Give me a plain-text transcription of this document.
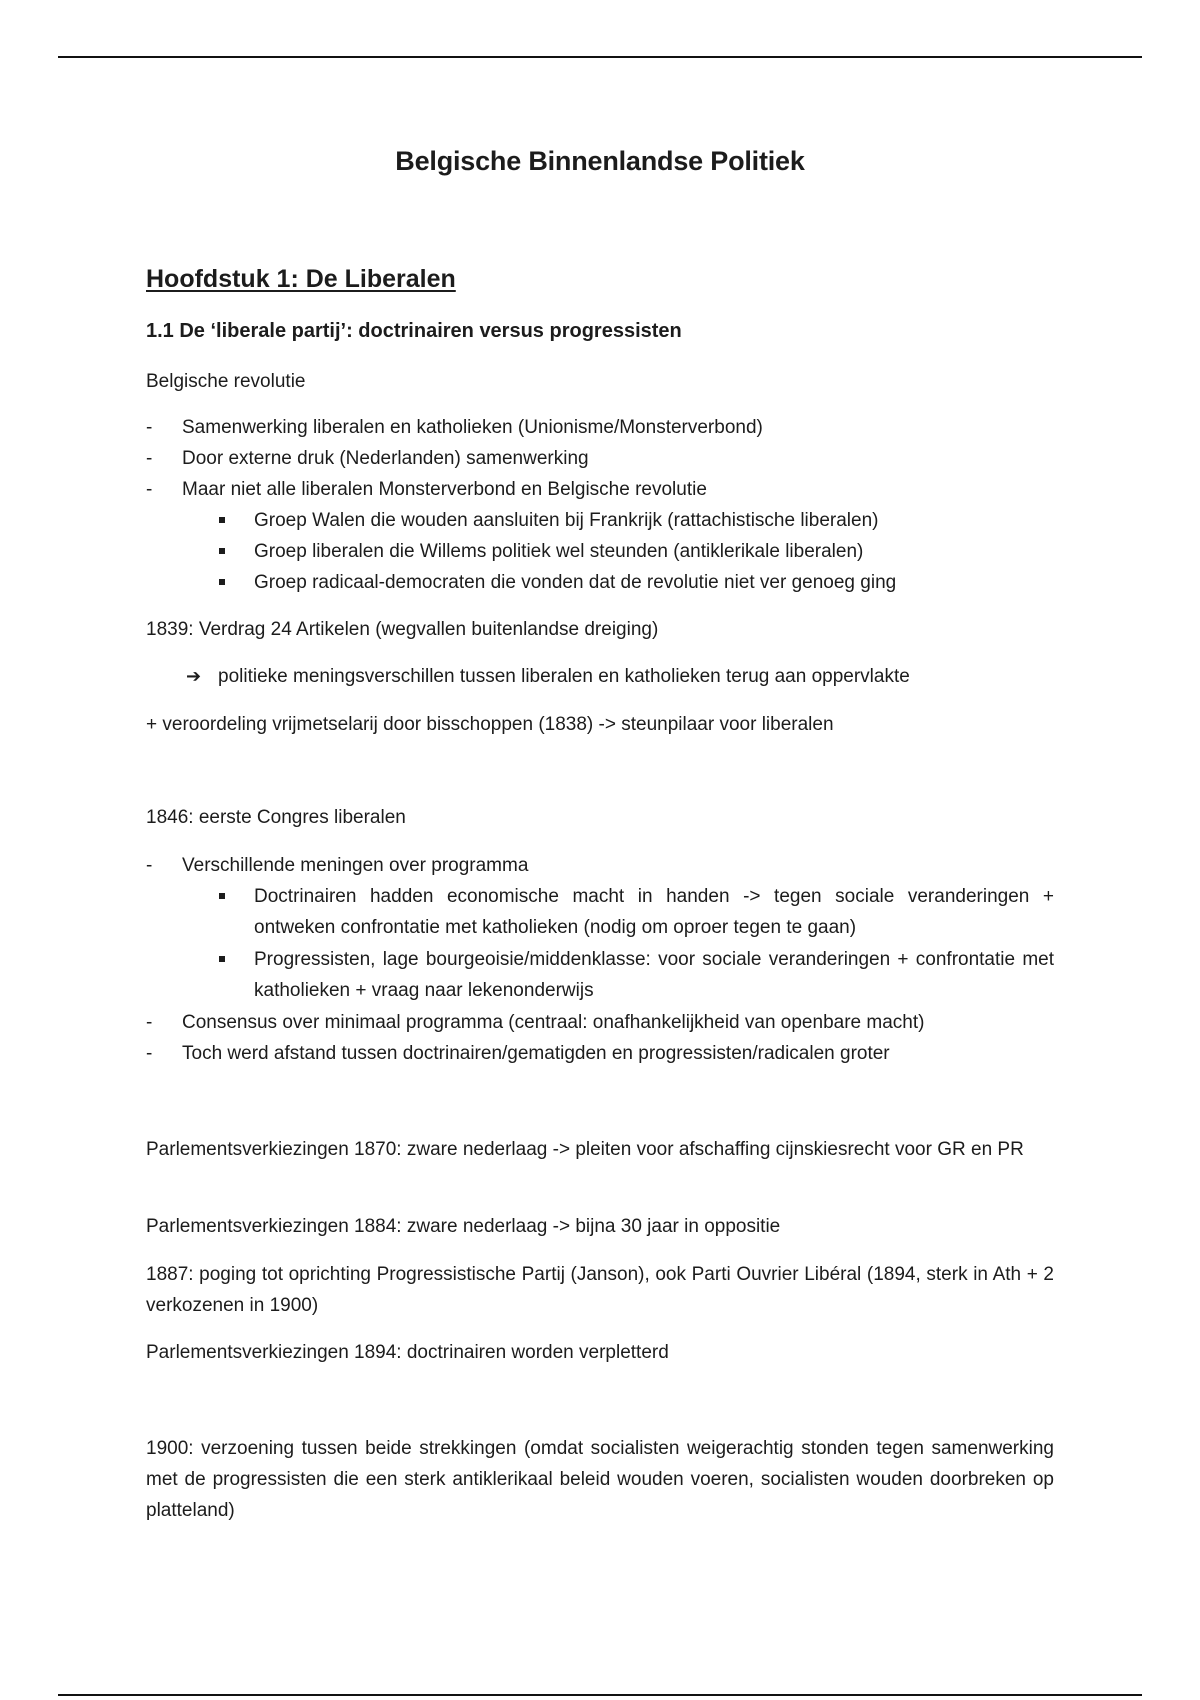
Belgische Binnenlandse Politiek
Hoofdstuk 1: De Liberalen
1.1 De ‘liberale partij’: doctrinairen versus progressisten

Belgische revolutie

-	Samenwerking liberalen en katholieken (Unionisme/Monsterverbond)
-	Door externe druk (Nederlanden) samenwerking
-	Maar niet alle liberalen Monsterverbond en Belgische revolutie
Groep Walen die wouden aansluiten bij Frankrijk (rattachistische liberalen)
Groep liberalen die Willems politiek wel steunden (antiklerikale liberalen)
Groep radicaal-democraten die vonden dat de revolutie niet ver genoeg ging

1839: Verdrag 24 Artikelen (wegvallen buitenlandse dreiging)

➔ politieke meningsverschillen tussen liberalen en katholieken terug aan oppervlakte

+ veroordeling vrijmetselarij door bisschoppen (1838) -> steunpilaar voor liberalen

1846: eerste Congres liberalen

-	Verschillende meningen over programma
Doctrinairen hadden economische macht in handen -> tegen sociale veranderingen + ontweken confrontatie met katholieken (nodig om oproer tegen te gaan)
Progressisten, lage bourgeoisie/middenklasse: voor sociale veranderingen + confrontatie met katholieken + vraag naar lekenonderwijs
-	Consensus over minimaal programma (centraal: onafhankelijkheid van openbare macht)
-	Toch werd afstand tussen doctrinairen/gematigden en progressisten/radicalen groter

Parlementsverkiezingen 1870: zware nederlaag -> pleiten voor afschaffing cijnskiesrecht voor GR en PR

Parlementsverkiezingen 1884: zware nederlaag -> bijna 30 jaar in oppositie

1887: poging tot oprichting Progressistische Partij (Janson), ook Parti Ouvrier Libéral (1894, sterk in Ath + 2 verkozenen in 1900)

Parlementsverkiezingen 1894: doctrinairen worden verpletterd

1900: verzoening tussen beide strekkingen (omdat socialisten weigerachtig stonden tegen samenwerking met de progressisten die een sterk antiklerikaal beleid wouden voeren, socialisten wouden doorbreken op platteland)
